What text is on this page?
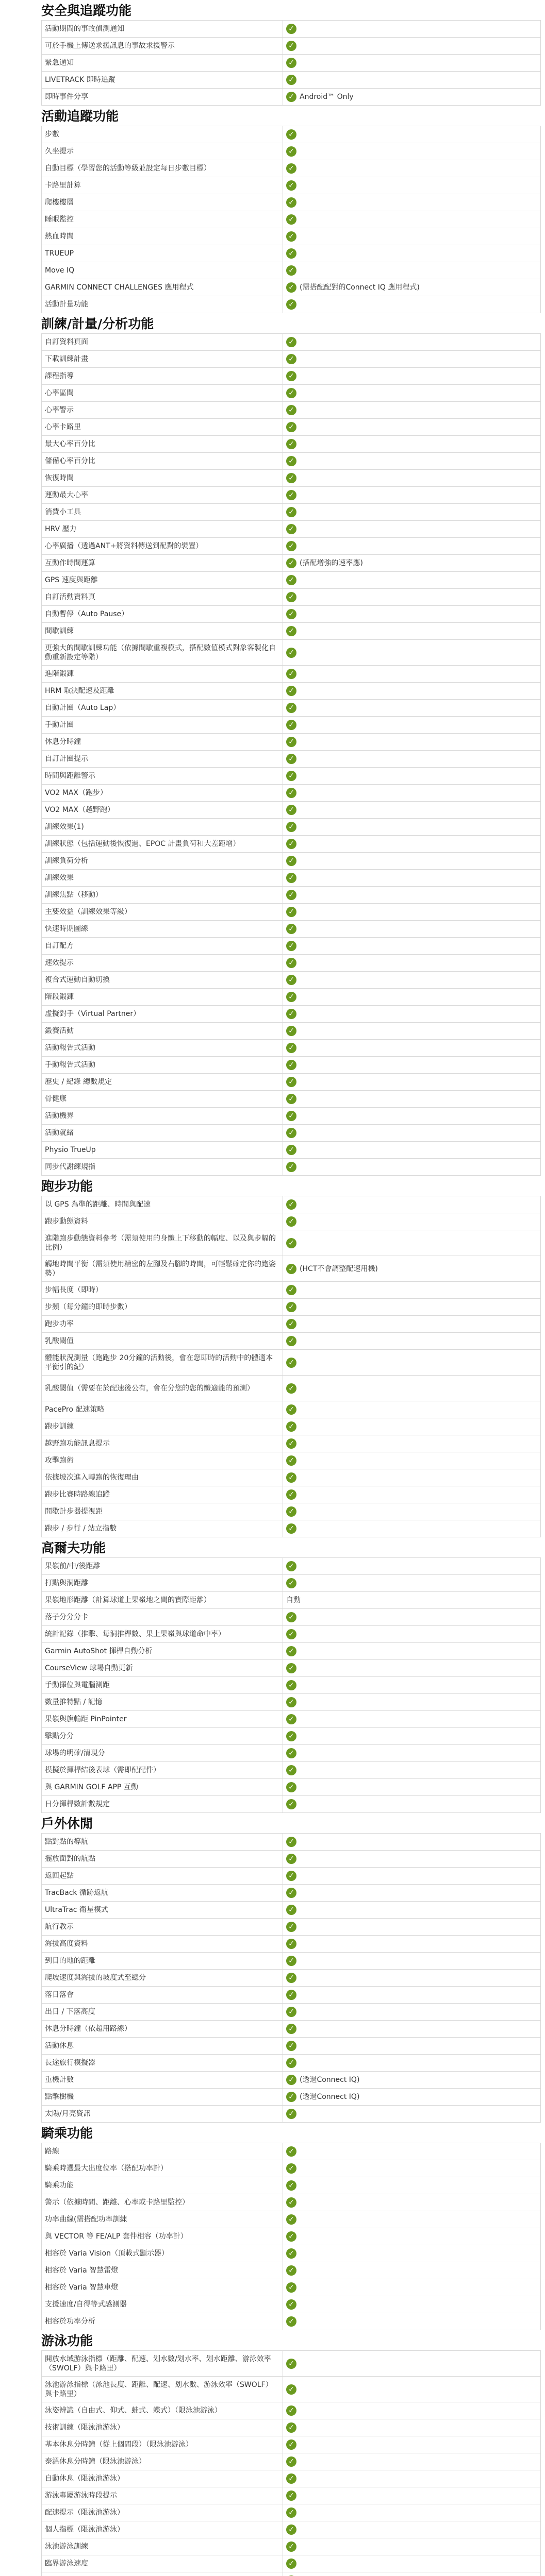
安全與追蹤功能
活動期間的事故偵測通知	✓
可於手機上傳送求援訊息的事故求援警示	✓
緊急通知	✓
LIVETRACK 即時追蹤	✓
即時事件分享	✓ Android™ Only
活動追蹤功能
步數	✓
久坐提示	✓
自動目標（學習您的活動等級並設定每日步數目標）	✓
卡路里計算	✓
爬樓樓層	✓
睡眠監控	✓
熱血時間	✓
TRUEUP	✓
Move IQ	✓
GARMIN CONNECT CHALLENGES 應用程式	✓ (需搭配配對的Connect IQ 應用程式)
活動計量功能	✓
訓練/計量/分析功能
自訂資料頁面	✓
下載訓練計畫	✓
課程指導	✓
心率區間	✓
心率警示	✓
心率卡路里	✓
最大心率百分比	✓
儲備心率百分比	✓
恢復時間	✓
運動最大心率	✓
消費小工具	✓
HRV 壓力	✓
心率廣播（透過ANT+將資料傳送到配對的裝置）	✓
互動作時間運算	✓ (搭配增強的速率應)
GPS 速度與距離	✓
自訂活動資料頁	✓
自動暫停（Auto Pause）	✓
間歇訓練	✓
更強大的間歇訓練功能（依據間歇重複模式，搭配數值模式對象客製化自動重新設定等階）	✓
進階鍛鍊	✓
HRM 取決配速及距離	✓
自動計圈（Auto Lap）	✓
手動計圈	✓
休息分時鐘	✓
自訂計圈提示	✓
時間與距離警示	✓
VO2 MAX（跑步）	✓
VO2 MAX（越野跑）	✓
訓練效果(1)	✓
訓練狀態（包括運動後恢復過、EPOC 計畫負荷和大差距增）	✓
訓練負荷分析	✓
訓練效果	✓
訓練焦點（移動）	✓
主要效益（訓練效果等級）	✓
快速時期圖線	✓
自訂配方	✓
速效提示	✓
複合式運動自動切換	✓
階段鍛鍊	✓
虛擬對手（Virtual Partner）	✓
鍛賽活動	✓
活動報告式活動	✓
手動報告式活動	✓
歷史 / 紀錄 總數規定	✓
骨健康	✓
活動機界	✓
活動就緒	✓
Physio TrueUp	✓
同步代謝練規指	✓
跑步功能
以 GPS 為準的距離、時間與配速	✓
跑步動態資料	✓
進階跑步動態資料參考（需須使用的身體上下移動的幅度、以及與步幅的比例）	✓
觸地時間平衡（需須使用精密的左腳及右腳的時間，可輕鬆確定你的跑姿勢）	✓ (HCT不會調整配速用機)
步幅長度（即時）	✓
步頻（每分鐘的即時步數）	✓
跑步功率	✓
乳酸閾值	✓
體能狀況測量（跑跑步 20分鐘的活動後，會在您即時的活動中的體適本平衡引的紀）	✓
乳酸閾值（需要在於配速後公有，會在分您的您的體適能的預測）	✓
PacePro 配速策略	✓
跑步訓練	✓
越野跑功能訊息提示	✓
攻擊跑術	✓
依據坡次進入轉跑的恢復理由	✓
跑步比賽時路線追蹤	✓
間歇計步器提視距	✓
跑步 / 步行 / 站立指數	✓
高爾夫功能
果嶺前/中/後距離	✓
打點與洞距離	✓
果嶺地形距離（計算球道上果嶺地之間的實際距離）	自動
落子分分分卡	✓
統計記錄（推擊、每洞推桿數、果上果嶺與球道命中率）	✓
Garmin AutoShot 揮桿自動分析	✓
CourseView 球場自動更新	✓
手動擇位與電腦測距	✓
數量推特點 / 記憶	✓
果嶺與旗輸距 PinPointer	✓
擊點分分	✓
球場的明確/清現分	✓
模擬於揮桿結後表球（需即配配件）	✓
與 GARMIN GOLF APP 互動	✓
日分揮桿數計數規定	✓
戶外休閒
點對點的導航	✓
擺放面對的航點	✓
返回起點	✓
TracBack 循跡返航	✓
UltraTrac 衛星模式	✓
航行教示	✓
海拔高度資料	✓
到目的地的距離	✓
爬坡速度與海拔的坡度式至總分	✓
落日落會	✓
出日 / 下落高度	✓
休息分時鐘（依超用路線）	✓
活動休息	✓
長途旅行模擬器	✓
重機計數	✓ (透過Connect IQ)
點擊樹機	✓ (透過Connect IQ)
太陽/月亮資訊	✓
騎乘功能
路線	✓
騎乘時選最大出度位率（搭配功率計）	✓
騎乘功能	✓
警示（依據時間、距離、心率或卡路里監控）	✓
功率曲線(需搭配功率訓練	✓
與 VECTOR 等 FE/ALP 套件相容（功率計）	✓
相容於 Varia Vision（頂載式顯示器）	✓
相容於 Varia 智慧雷燈	✓
相容於 Varia 智慧車燈	✓
支援速度/自得等式感測器	✓
相容於功率分析	✓
游泳功能
開放水域游泳指標（距離、配速、划水數/划水率、划水距離、游泳效率（SWOLF）與卡路里）	✓
泳池游泳指標（泳池長度、距離、配速、划水數、游泳效率（SWOLF）與卡路里）	✓
泳姿辨識（自由式、仰式、蛙式、蝶式）（限泳池游泳）	✓
技術訓練（限泳池游泳）	✓
基本休息分時鐘（從上個間段）（限泳池游泳）	✓
泰溫休息分時鐘（限泳池游泳）	✓
自動休息（限泳池游泳）	✓
游泳專屬游泳時段提示	✓
配速提示（限泳池游泳）	✓
個人指標（限泳池游泳）	✓
泳池游泳訓練	✓
臨界游泳速度	✓
